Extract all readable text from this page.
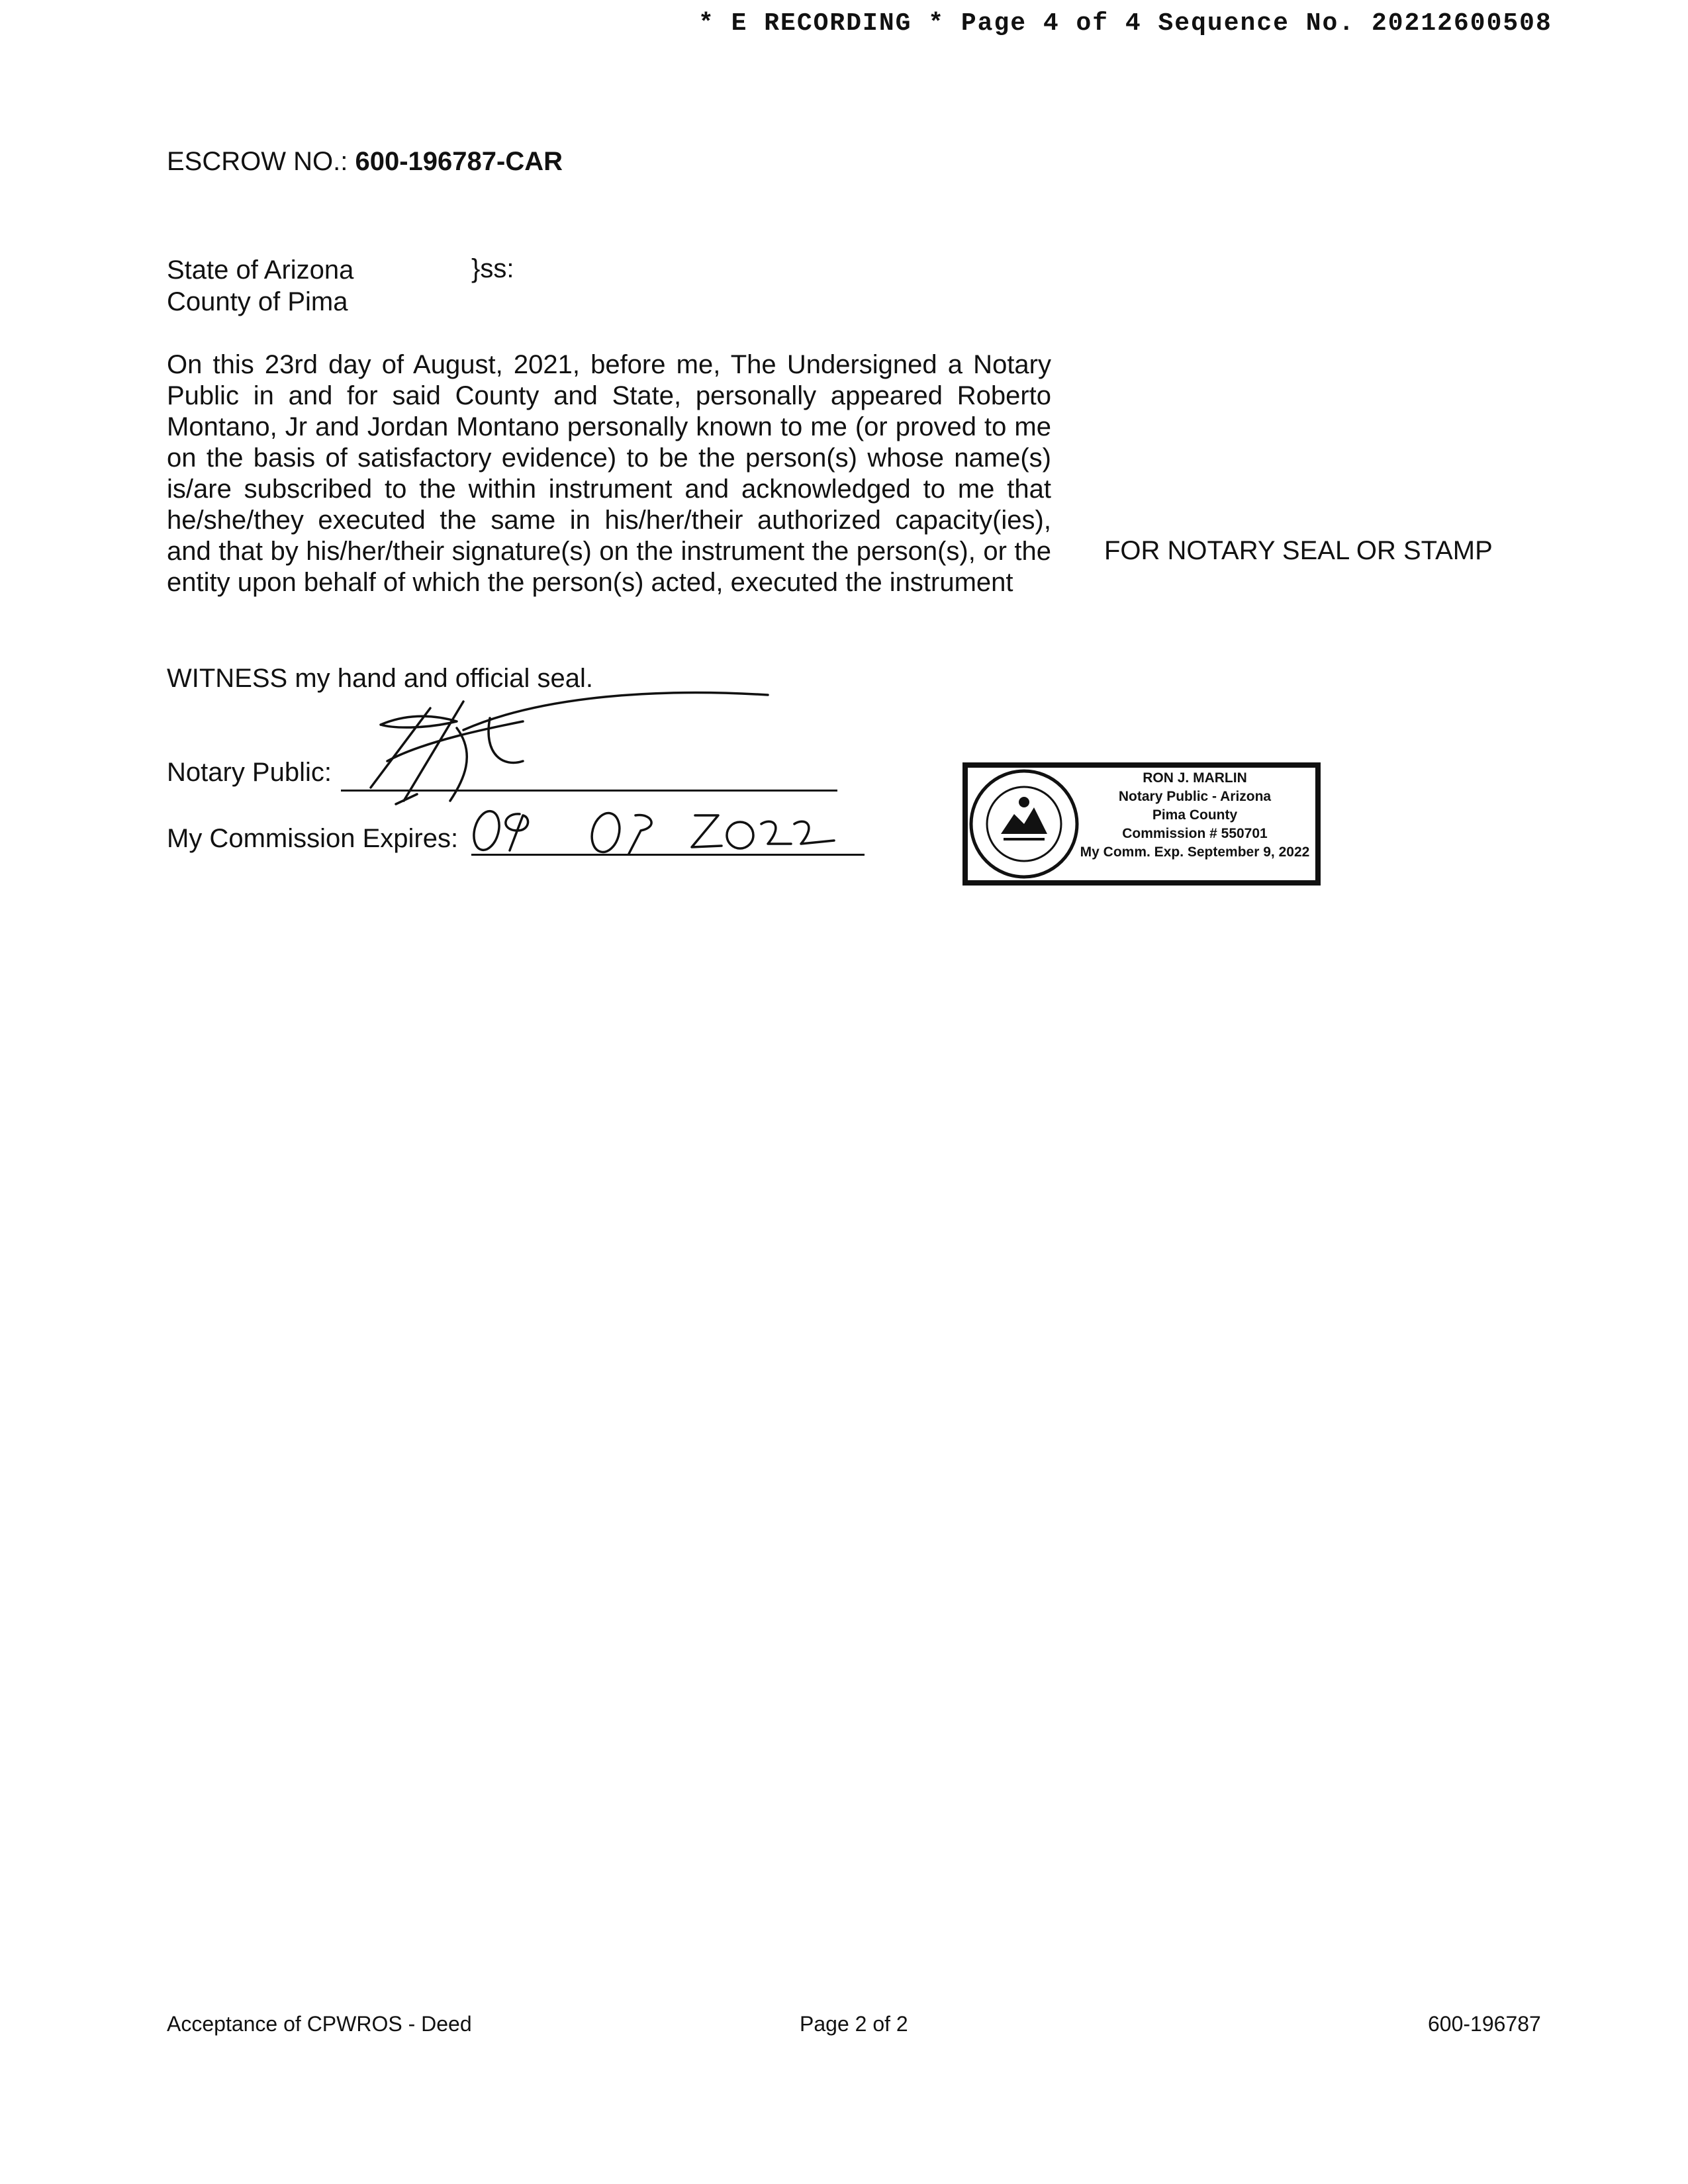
* E RECORDING * Page 4 of 4 Sequence No. 20212600508
ESCROW NO.: 600-196787-CAR
State of Arizona
County of Pima
}ss:
On this 23rd day of August, 2021, before me, The Undersigned a Notary Public in and for said County and State, personally appeared Roberto Montano, Jr and Jordan Montano personally known to me (or proved to me on the basis of satisfactory evidence) to be the person(s) whose name(s) is/are subscribed to the within instrument and acknowledged to me that he/she/they executed the same in his/her/their authorized capacity(ies), and that by his/her/their signature(s) on the instrument the person(s), or the entity upon behalf of which the person(s) acted, executed the instrument
FOR NOTARY SEAL OR STAMP
WITNESS my hand and official seal.
Notary Public:
My Commission Expires:
RON J. MARLIN
Notary Public - Arizona
Pima County
Commission # 550701
My Comm. Exp. September 9, 2022
Acceptance of CPWROS - Deed	Page 2 of 2	600-196787
